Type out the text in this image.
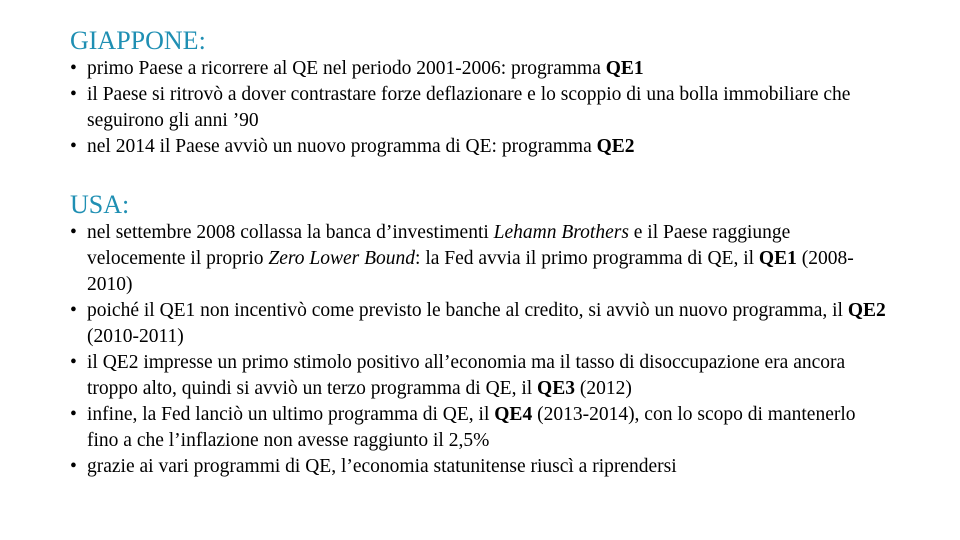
GIAPPONE:
• primo Paese a ricorrere al QE nel periodo 2001-2006: programma QE1
• il Paese si ritrovò a dover contrastare forze deflazionare e lo scoppio di una bolla immobiliare che seguirono gli anni ’90
• nel 2014 il Paese avviò un nuovo programma di QE: programma QE2
USA:
• nel settembre 2008 collassa la banca d’investimenti Lehamn Brothers e il Paese raggiunge velocemente il proprio Zero Lower Bound: la Fed avvia il primo programma di QE, il QE1 (2008-2010)
• poiché il QE1 non incentivò come previsto le banche al credito, si avviò un nuovo programma, il QE2 (2010-2011)
• il QE2 impresse un primo stimolo positivo all’economia ma il tasso di disoccupazione era ancora troppo alto, quindi si avviò un terzo programma di QE, il QE3 (2012)
• infine, la Fed lanciò un ultimo programma di QE, il QE4 (2013-2014), con lo scopo di mantenerlo fino a che l’inflazione non avesse raggiunto il 2,5%
• grazie ai vari programmi di QE, l’economia statunitense riuscì a riprendersi
